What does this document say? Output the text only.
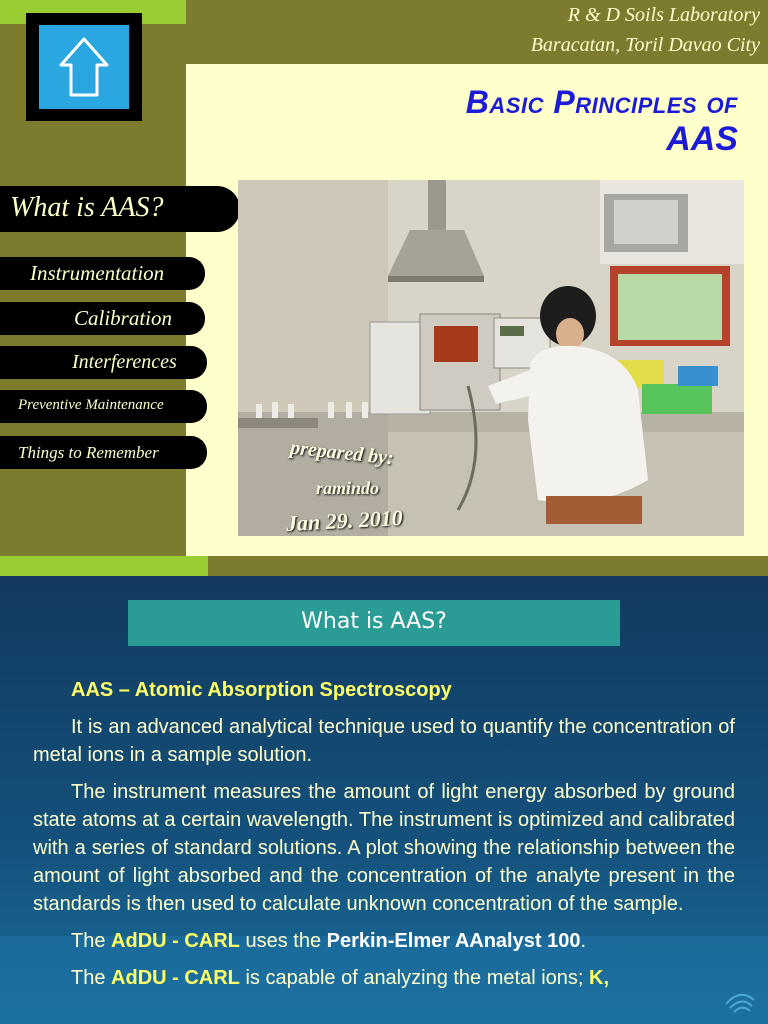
R & D Soils Laboratory
Baracatan, Toril Davao City
Basic Principles of
AAS
What is AAS?
Instrumentation
Calibration
Interferences
Preventive Maintenance
Things to Remember	prepared by:
ramindo
Jan 29. 2010
What is AAS?

AAS – Atomic Absorption Spectroscopy

It is an advanced analytical technique used to quantify the concentration of metal ions in a sample solution.

The instrument measures the amount of light energy absorbed by ground state atoms at a certain wavelength. The instrument is optimized and calibrated with a series of standard solutions. A plot showing the relationship between the amount of light absorbed and the concentration of the analyte present in the standards is then used to calculate unknown concentration of the sample.

The AdDU - CARL uses the Perkin-Elmer AAnalyst 100.

The AdDU - CARL is capable of analyzing the metal ions; K,
